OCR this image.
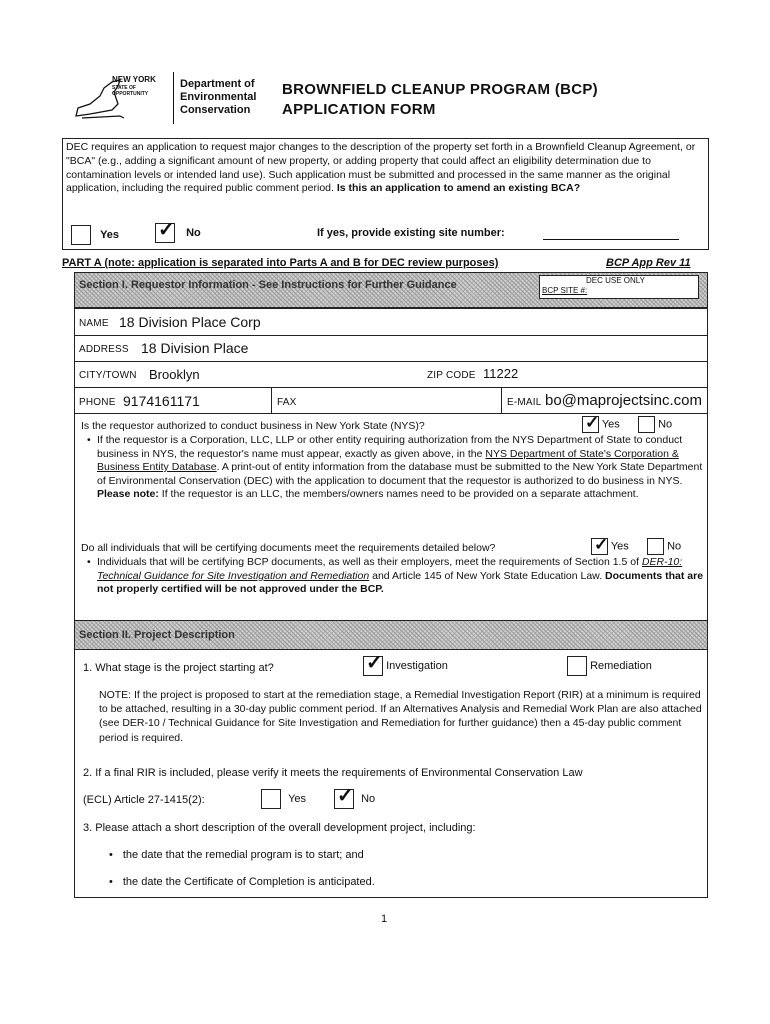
NEW YORK
STATE OF
OPPORTUNITY
Department of
Environmental
Conservation
BROWNFIELD CLEANUP PROGRAM (BCP)
APPLICATION FORM
DEC requires an application to request major changes to the description of the property set forth in a Brownfield Cleanup Agreement, or "BCA" (e.g., adding a significant amount of new property, or adding property that could affect an eligibility determination due to contamination levels or intended land use). Such application must be submitted and processed in the same manner as the original application, including the required public comment period. Is this an application to amend an existing BCA?
Yes ✓ No	If yes, provide existing site number:
PART A (note: application is separated into Parts A and B for DEC review purposes)	BCP App Rev 11
Section I. Requestor Information - See Instructions for Further Guidance	DEC USE ONLY
BCP SITE #:
NAME 18 Division Place Corp
ADDRESS 18 Division Place
CITY/TOWN Brooklyn	ZIP CODE 11222
PHONE 9174161171	FAX	E-MAIL bo@maprojectsinc.com
Is the requestor authorized to conduct business in New York State (NYS)?	✓ Yes	No
• If the requestor is a Corporation, LLC, LLP or other entity requiring authorization from the NYS Department of State to conduct business in NYS, the requestor's name must appear, exactly as given above, in the NYS Department of State's Corporation & Business Entity Database. A print-out of entity information from the database must be submitted to the New York State Department of Environmental Conservation (DEC) with the application to document that the requestor is authorized to do business in NYS. Please note: If the requestor is an LLC, the members/owners names need to be provided on a separate attachment.
Do all individuals that will be certifying documents meet the requirements detailed below?	✓ Yes	No
• Individuals that will be certifying BCP documents, as well as their employers, meet the requirements of Section 1.5 of DER-10: Technical Guidance for Site Investigation and Remediation and Article 145 of New York State Education Law. Documents that are not properly certified will be not approved under the BCP.
Section II. Project Description
1. What stage is the project starting at?	✓ Investigation	Remediation
NOTE: If the project is proposed to start at the remediation stage, a Remedial Investigation Report (RIR) at a minimum is required to be attached, resulting in a 30-day public comment period. If an Alternatives Analysis and Remedial Work Plan are also attached (see DER-10 / Technical Guidance for Site Investigation and Remediation for further guidance) then a 45-day public comment period is required.
2. If a final RIR is included, please verify it meets the requirements of Environmental Conservation Law
(ECL) Article 27-1415(2):	Yes ✓ No
3. Please attach a short description of the overall development project, including:
• the date that the remedial program is to start; and
• the date the Certificate of Completion is anticipated.
1
